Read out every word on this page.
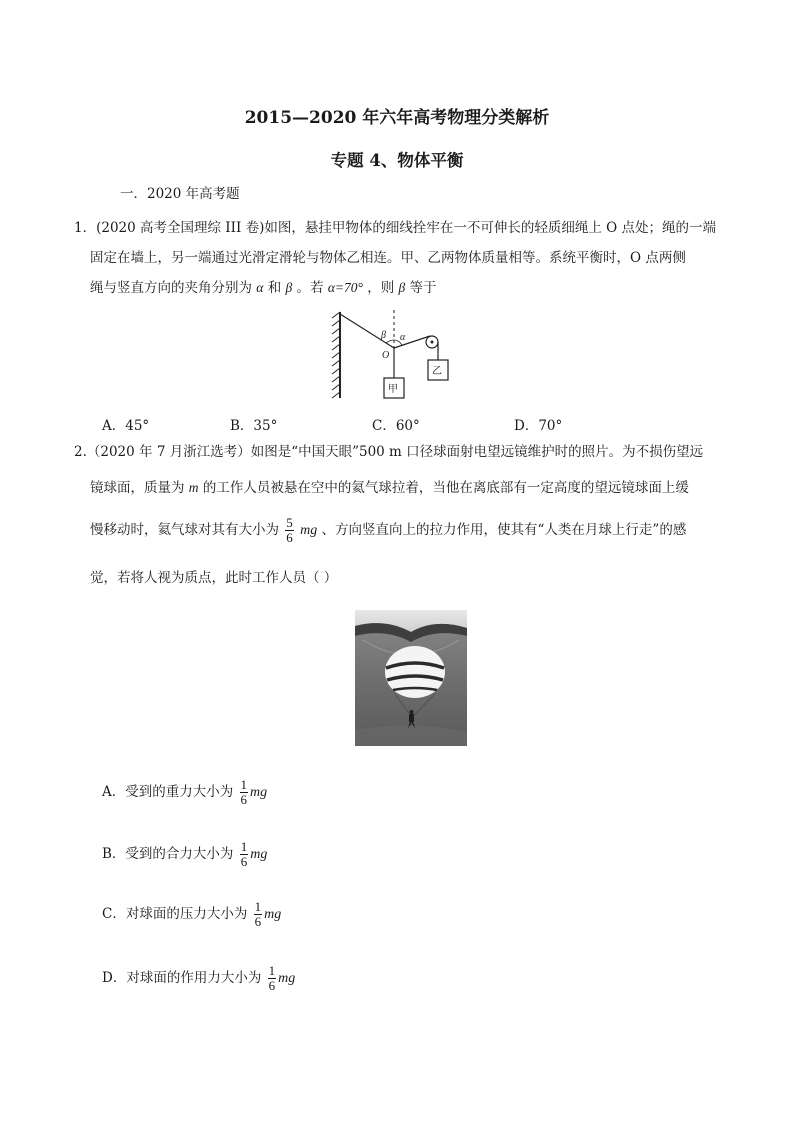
2015—2020 年六年高考物理分类解析
专题 4、物体平衡
一．2020 年高考题
1．(2020 高考全国理综 III 卷)如图，悬挂甲物体的细线拴牢在一不可伸长的轻质细绳上 O 点处；绳的一端
固定在墙上，另一端通过光滑定滑轮与物体乙相连。甲、乙两物体质量相等。系统平衡时，O 点两侧
绳与竖直方向的夹角分别为 α 和 β 。若 α=70° ，则 β 等于
β α
O
甲
乙
A．45°	B．35°	C．60°	D．70°
2.（2020 年 7 月浙江选考）如图是“中国天眼”500 m 口径球面射电望远镜维护时的照片。为不损伤望远
镜球面，质量为 m 的工作人员被悬在空中的氦气球拉着，当他在离底部有一定高度的望远镜球面上缓
慢移动时，氦气球对其有大小为 $\frac{5}{6}$ mg 、方向竖直向上的拉力作用，使其有“人类在月球上行走”的感
觉，若将人视为质点，此时工作人员（ ）
A．受到的重力大小为 $\frac{1}{6}$ mg
B．受到的合力大小为 $\frac{1}{6}$ mg
C．对球面的压力大小为 $\frac{1}{6}$ mg
D．对球面的作用力大小为 $\frac{1}{6}$ mg
